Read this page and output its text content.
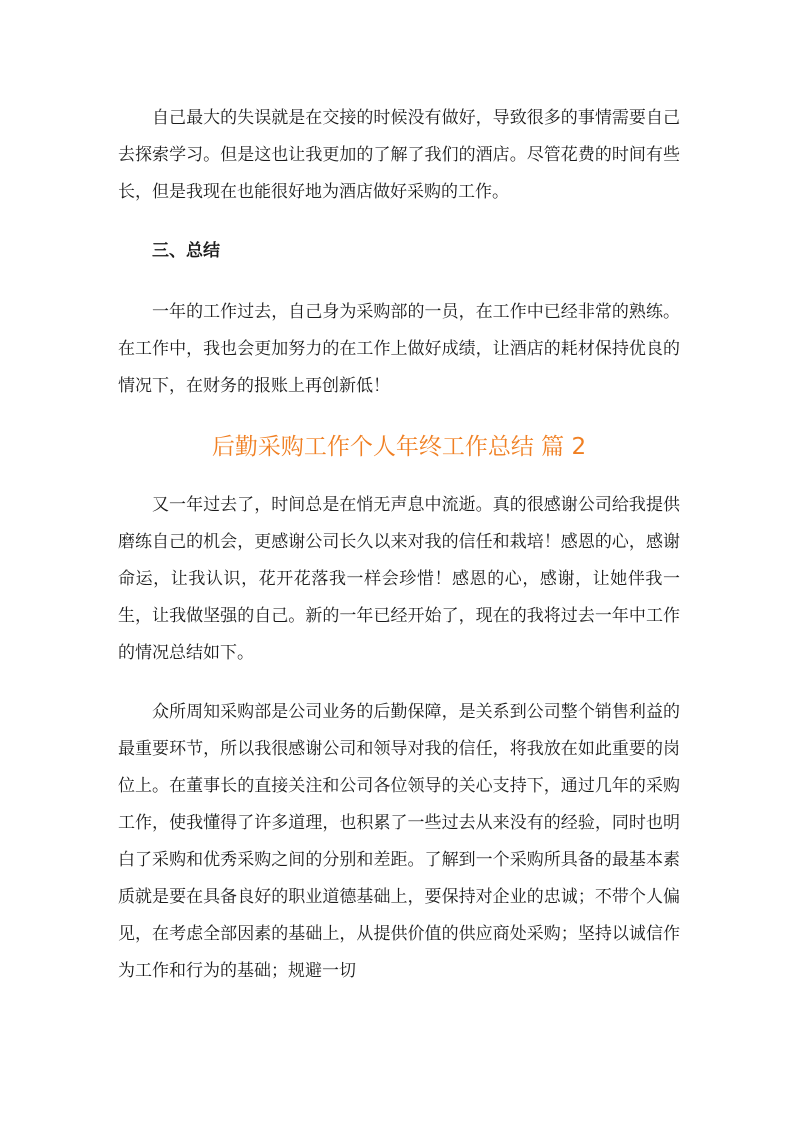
自己最大的失误就是在交接的时候没有做好，导致很多的事情需要自己去探索学习。但是这也让我更加的了解了我们的酒店。尽管花费的时间有些长，但是我现在也能很好地为酒店做好采购的工作。

三、总结

一年的工作过去，自己身为采购部的一员，在工作中已经非常的熟练。在工作中，我也会更加努力的在工作上做好成绩，让酒店的耗材保持优良的情况下，在财务的报账上再创新低！

后勤采购工作个人年终工作总结 篇 2

又一年过去了，时间总是在悄无声息中流逝。真的很感谢公司给我提供磨练自己的机会，更感谢公司长久以来对我的信任和栽培！感恩的心，感谢命运，让我认识，花开花落我一样会珍惜！感恩的心，感谢，让她伴我一生，让我做坚强的自己。新的一年已经开始了，现在的我将过去一年中工作的情况总结如下。

众所周知采购部是公司业务的后勤保障，是关系到公司整个销售利益的最重要环节，所以我很感谢公司和领导对我的信任，将我放在如此重要的岗位上。在董事长的直接关注和公司各位领导的关心支持下，通过几年的采购工作，使我懂得了许多道理，也积累了一些过去从来没有的经验，同时也明白了采购和优秀采购之间的分别和差距。了解到一个采购所具备的最基本素质就是要在具备良好的职业道德基础上，要保持对企业的忠诚；不带个人偏见，在考虑全部因素的基础上，从提供价值的供应商处采购；坚持以诚信作为工作和行为的基础；规避一切
